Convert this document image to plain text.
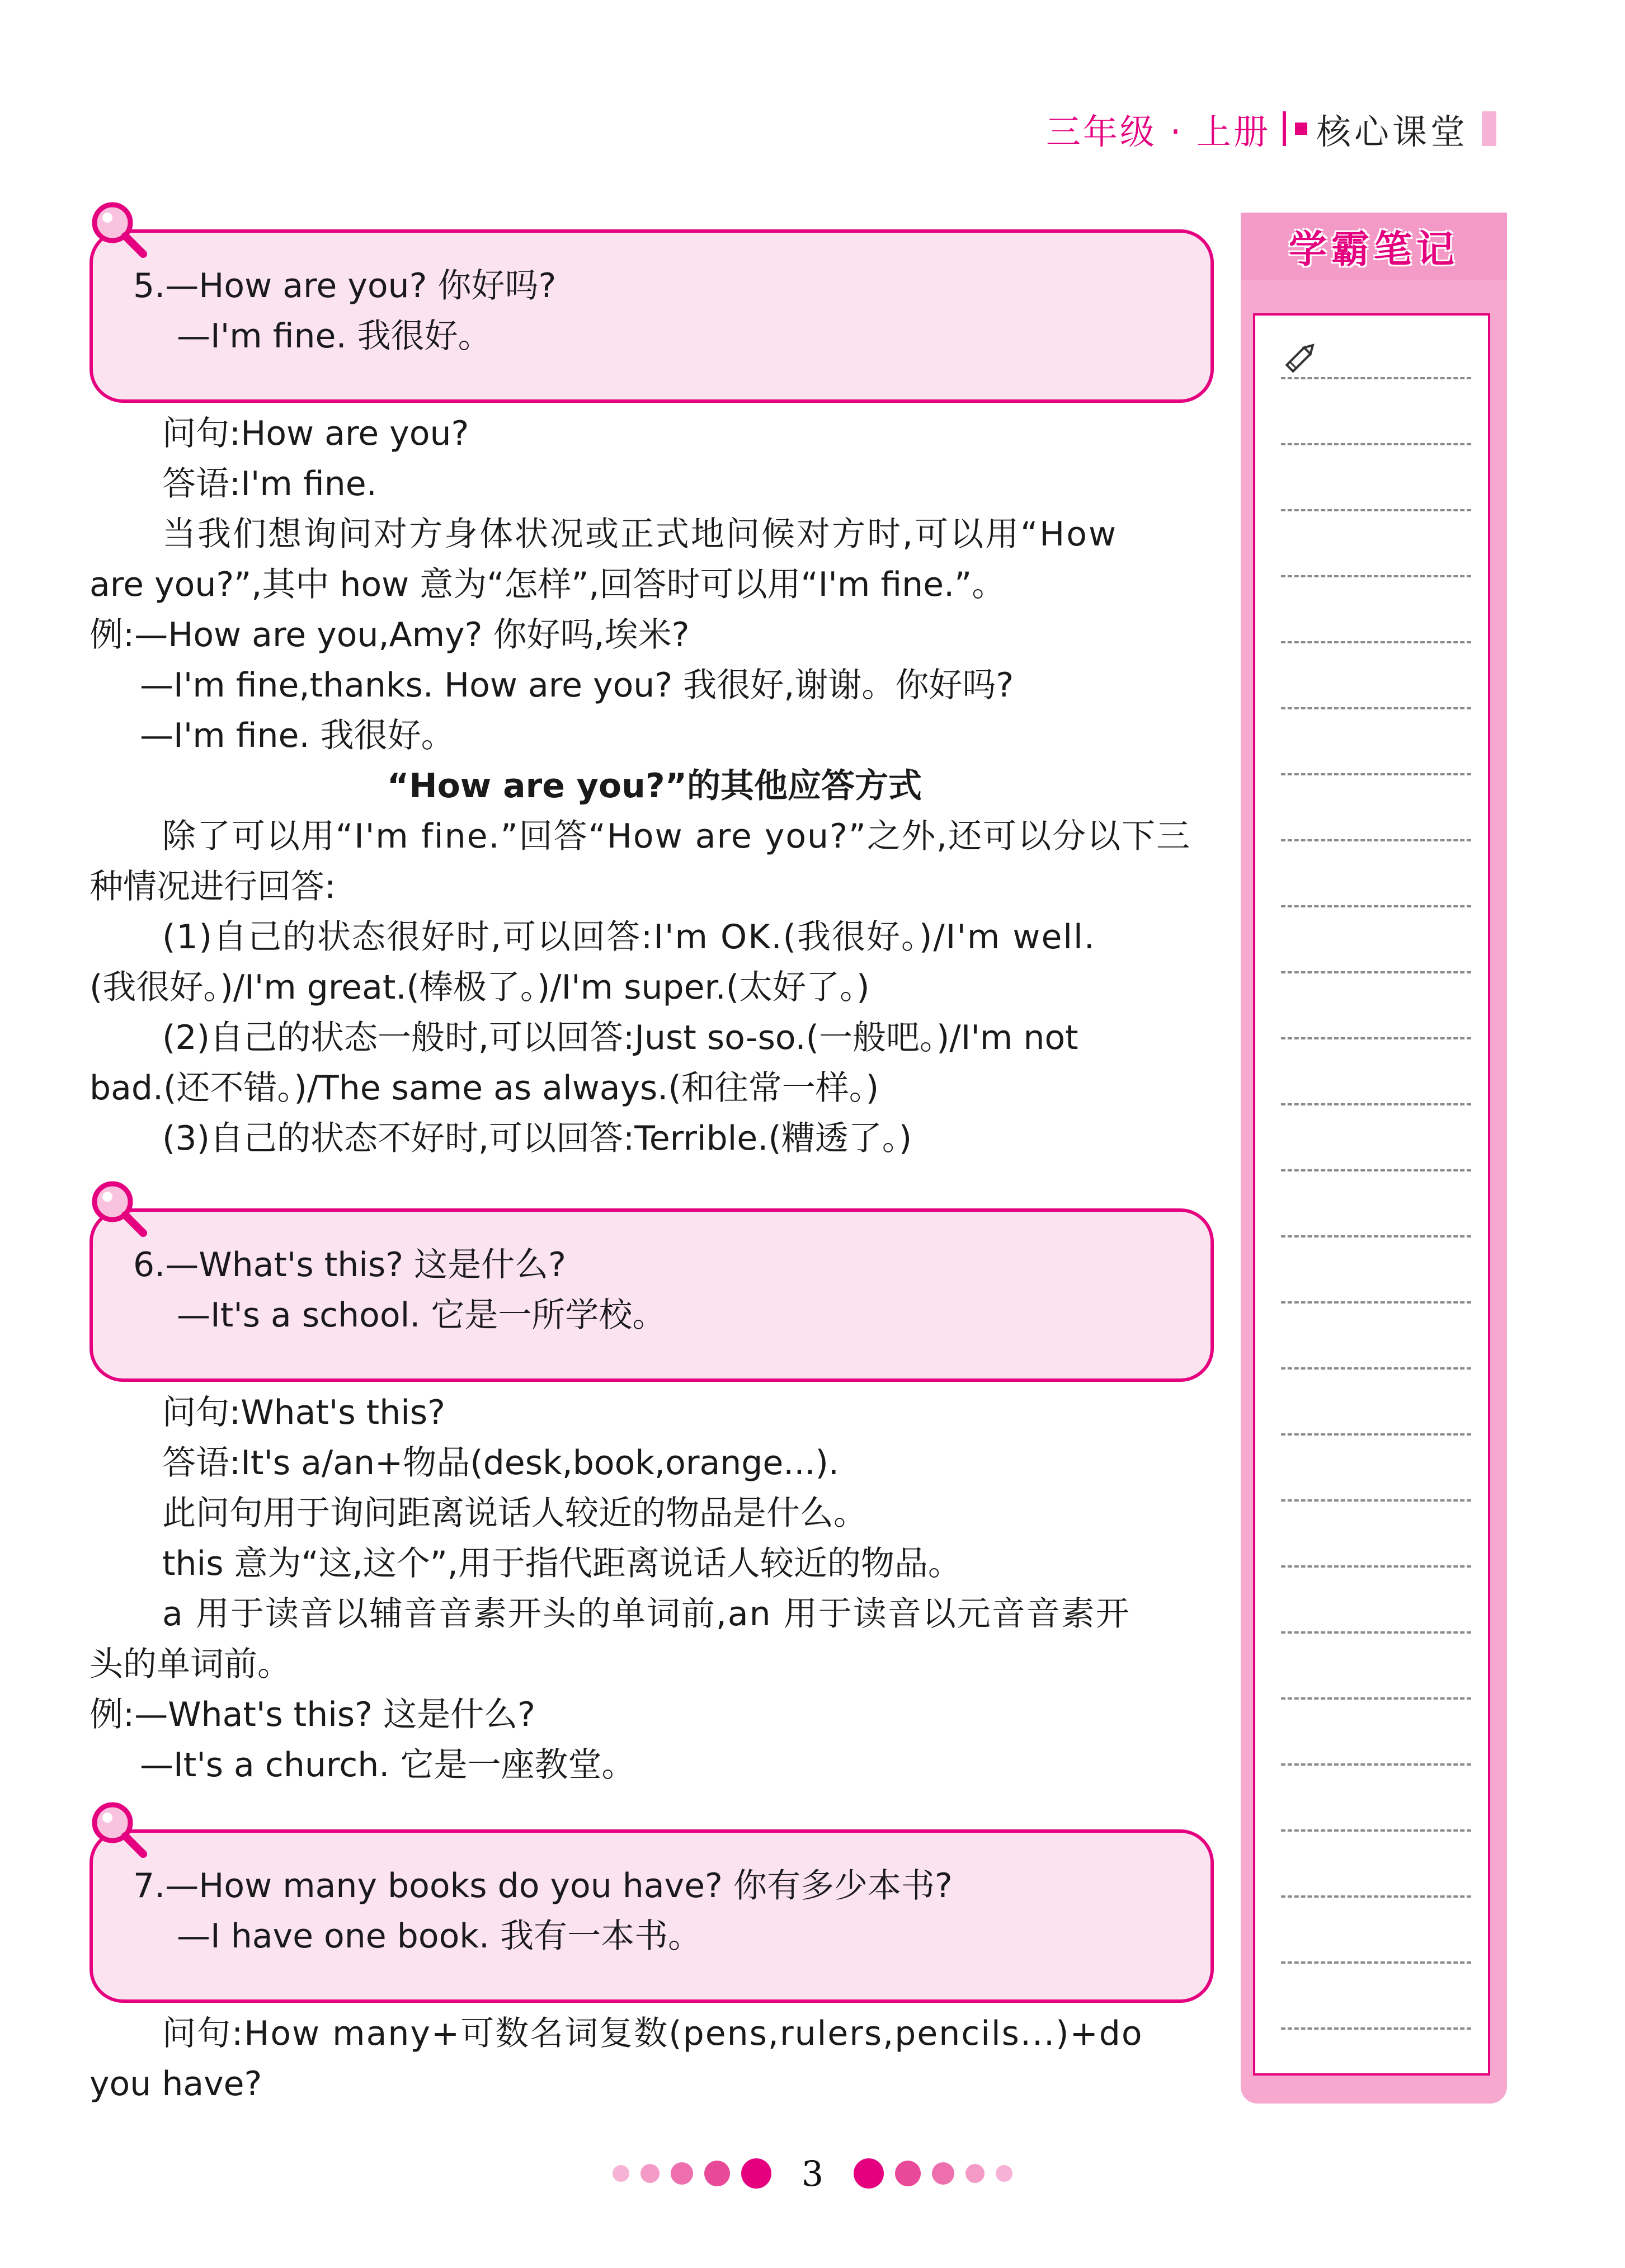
三年级 · 上册 核心课堂
5.—How are you? 你好吗?
—I'm fine. 我很好。
问句:How are you?
答语:I'm fine.
当我们想询问对方身体状况或正式地问候对方时,可以用“How
are you?”,其中 how 意为“怎样”,回答时可以用“I'm fine.”。
例:—How are you,Amy? 你好吗,埃米?
—I'm fine,thanks. How are you? 我很好,谢谢。你好吗?
—I'm fine. 我很好。
“How are you?”的其他应答方式
除了可以用“I'm fine.”回答“How are you?”之外,还可以分以下三
种情况进行回答:
(1)自己的状态很好时,可以回答:I'm OK.(我很好。)/I'm well.
(我很好。)/I'm great.(棒极了。)/I'm super.(太好了。)
(2)自己的状态一般时,可以回答:Just so-so.(一般吧。)/I'm not
bad.(还不错。)/The same as always.(和往常一样。)
(3)自己的状态不好时,可以回答:Terrible.(糟透了。)
6.—What's this? 这是什么?
—It's a school. 它是一所学校。
问句:What's this?
答语:It's a/an+物品(desk,book,orange...).
此问句用于询问距离说话人较近的物品是什么。
this 意为“这,这个”,用于指代距离说话人较近的物品。
a 用于读音以辅音音素开头的单词前,an 用于读音以元音音素开
头的单词前。
例:—What's this? 这是什么?
—It's a church. 它是一座教堂。
7.—How many books do you have? 你有多少本书?
—I have one book. 我有一本书。
问句:How many+可数名词复数(pens,rulers,pencils...)+do
you have?
学霸笔记
3
